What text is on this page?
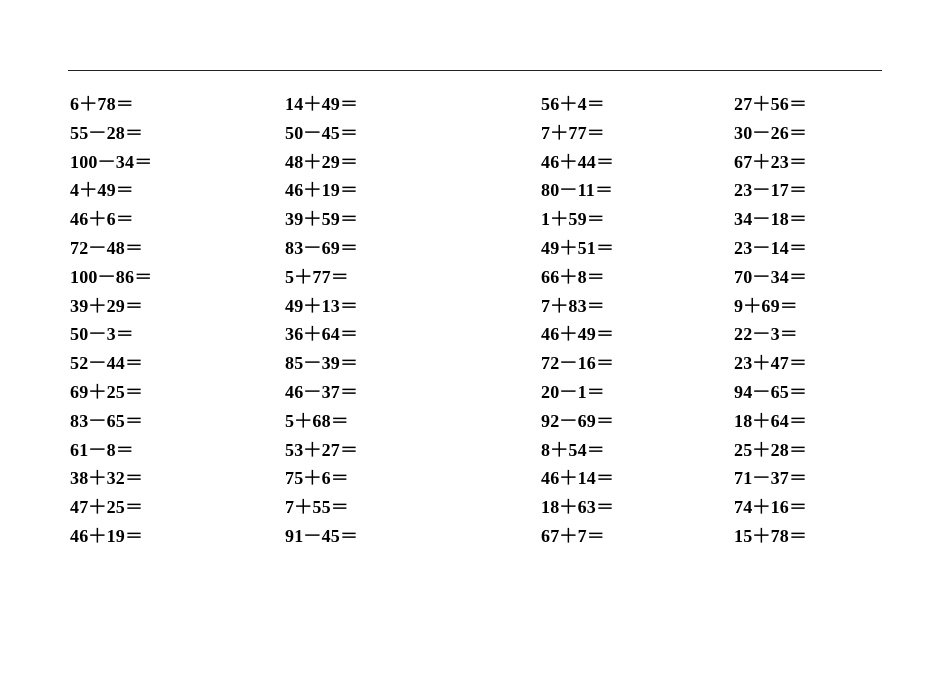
6＋78＝
55－28＝
100－34＝
4＋49＝
46＋6＝
72－48＝
100－86＝
39＋29＝
50－3＝
52－44＝
69＋25＝
83－65＝
61－8＝
38＋32＝
47＋25＝
46＋19＝
14＋49＝
50－45＝
48＋29＝
46＋19＝
39＋59＝
83－69＝
5＋77＝
49＋13＝
36＋64＝
85－39＝
46－37＝
5＋68＝
53＋27＝
75＋6＝
7＋55＝
91－45＝
56＋4＝
7＋77＝
46＋44＝
80－11＝
1＋59＝
49＋51＝
66＋8＝
7＋83＝
46＋49＝
72－16＝
20－1＝
92－69＝
8＋54＝
46＋14＝
18＋63＝
67＋7＝
27＋56＝
30－26＝
67＋23＝
23－17＝
34－18＝
23－14＝
70－34＝
9＋69＝
22－3＝
23＋47＝
94－65＝
18＋64＝
25＋28＝
71－37＝
74＋16＝
15＋78＝
